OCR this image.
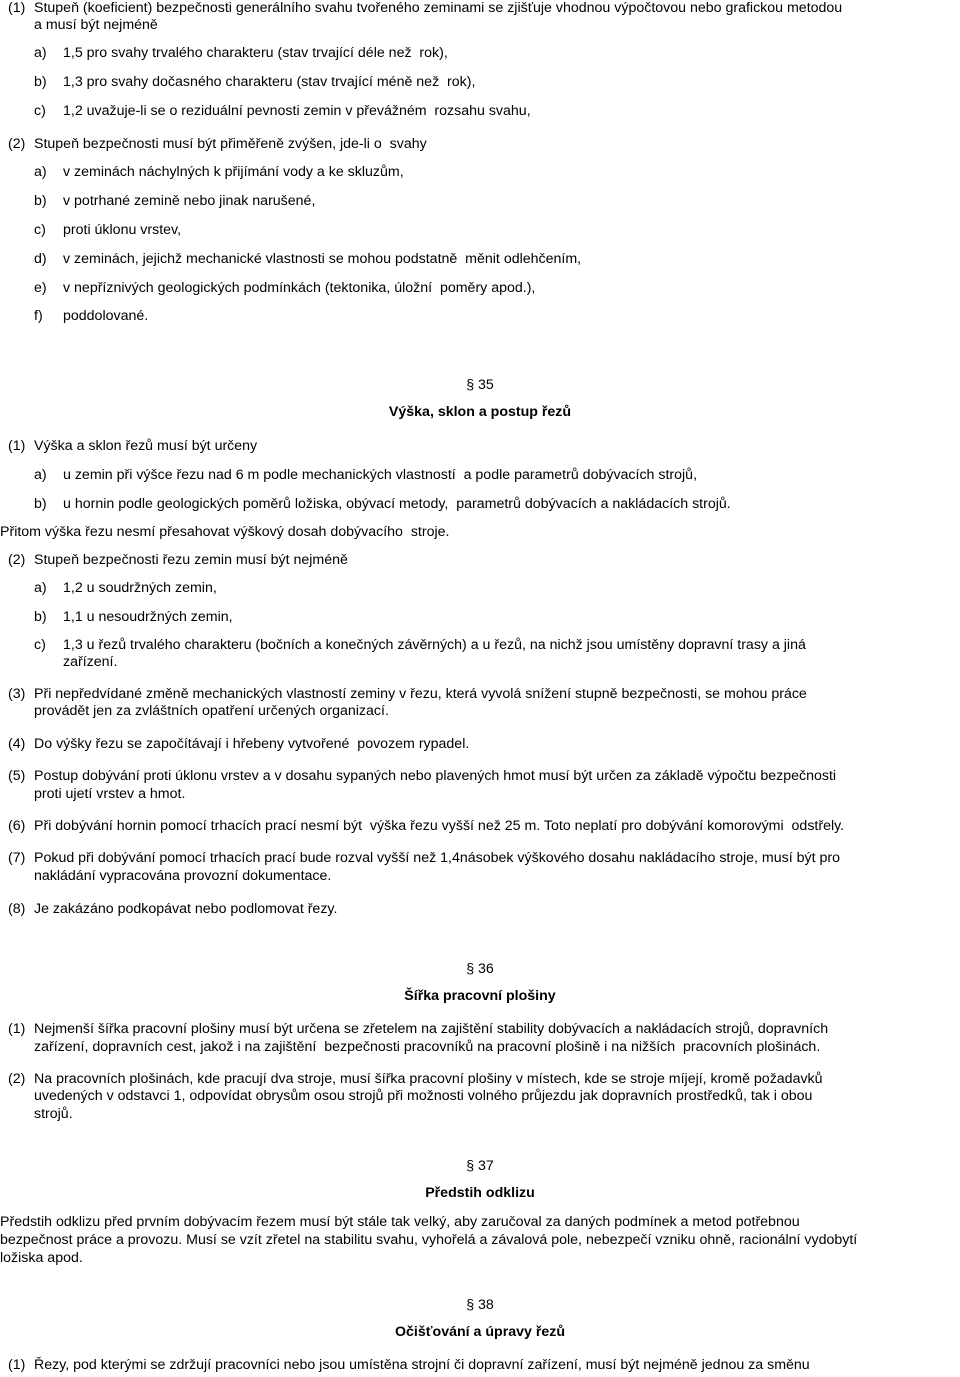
(1) Stupeň (koeficient) bezpečnosti generálního svahu tvořeného zeminami se zjišťuje vhodnou výpočtovou nebo grafickou metodou
a musí být nejméně
a) 1,5 pro svahy trvalého charakteru (stav trvající déle než  rok),
b) 1,3 pro svahy dočasného charakteru (stav trvající méně než  rok),
c) 1,2 uvažuje-li se o reziduální pevnosti zemin v převážném  rozsahu svahu,
(2) Stupeň bezpečnosti musí být přiměřeně zvýšen, jde-li o  svahy
a) v zeminách náchylných k přijímání vody a ke skluzům,
b) v potrhané zemině nebo jinak narušené,
c) proti úklonu vrstev,
d) v zeminách, jejichž mechanické vlastnosti se mohou podstatně  měnit odlehčením,
e) v nepříznivých geologických podmínkách (tektonika, úložní  poměry apod.),
f) poddolované.
§ 35
Výška, sklon a postup řezů
(1) Výška a sklon řezů musí být určeny
a) u zemin při výšce řezu nad 6 m podle mechanických vlastností  a podle parametrů dobývacích strojů,
b) u hornin podle geologických poměrů ložiska, obývací metody,  parametrů dobývacích a nakládacích strojů.
Přitom výška řezu nesmí přesahovat výškový dosah dobývacího  stroje.
(2) Stupeň bezpečnosti řezu zemin musí být nejméně
a) 1,2 u soudržných zemin,
b) 1,1 u nesoudržných zemin,
c) 1,3 u řezů trvalého charakteru (bočních a konečných závěrných) a u řezů, na nichž jsou umístěny dopravní trasy a jiná
zařízení.
(3) Při nepředvídané změně mechanických vlastností zeminy v řezu, která vyvolá snížení stupně bezpečnosti, se mohou práce
provádět jen za zvláštních opatření určených organizací.
(4) Do výšky řezu se započítávají i hřebeny vytvořené  povozem rypadel.
(5) Postup dobývání proti úklonu vrstev a v dosahu sypaných nebo plavených hmot musí být určen za základě výpočtu bezpečnosti
proti ujetí vrstev a hmot.
(6) Při dobývání hornin pomocí trhacích prací nesmí být  výška řezu vyšší než 25 m. Toto neplatí pro dobývání komorovými  odstřely.
(7) Pokud při dobývání pomocí trhacích prací bude rozval vyšší než 1,4násobek výškového dosahu nakládacího stroje, musí být pro
nakládání vypracována provozní dokumentace.
(8) Je zakázáno podkopávat nebo podlomovat řezy.
§ 36
Šířka pracovní plošiny
(1) Nejmenší šířka pracovní plošiny musí být určena se zřetelem na zajištění stability dobývacích a nakládacích strojů, dopravních
zařízení, dopravních cest, jakož i na zajištění  bezpečnosti pracovníků na pracovní plošině i na nižších  pracovních plošinách.
(2) Na pracovních plošinách, kde pracují dva stroje, musí šířka pracovní plošiny v místech, kde se stroje míjejí, kromě požadavků
uvedených v odstavci 1, odpovídat obrysům osou strojů při možnosti volného průjezdu jak dopravních prostředků, tak i obou
strojů.
§ 37
Předstih odklizu
Předstih odklizu před prvním dobývacím řezem musí být stále tak velký, aby zaručoval za daných podmínek a metod potřebnou
bezpečnost práce a provozu. Musí se vzít zřetel na stabilitu svahu, vyhořelá a závalová pole, nebezpečí vzniku ohně, racionální vydobytí
ložiska apod.
§ 38
Očišťování a úpravy řezů
(1) Řezy, pod kterými se zdržují pracovníci nebo jsou umístěna strojní či dopravní zařízení, musí být nejméně jednou za směnu
